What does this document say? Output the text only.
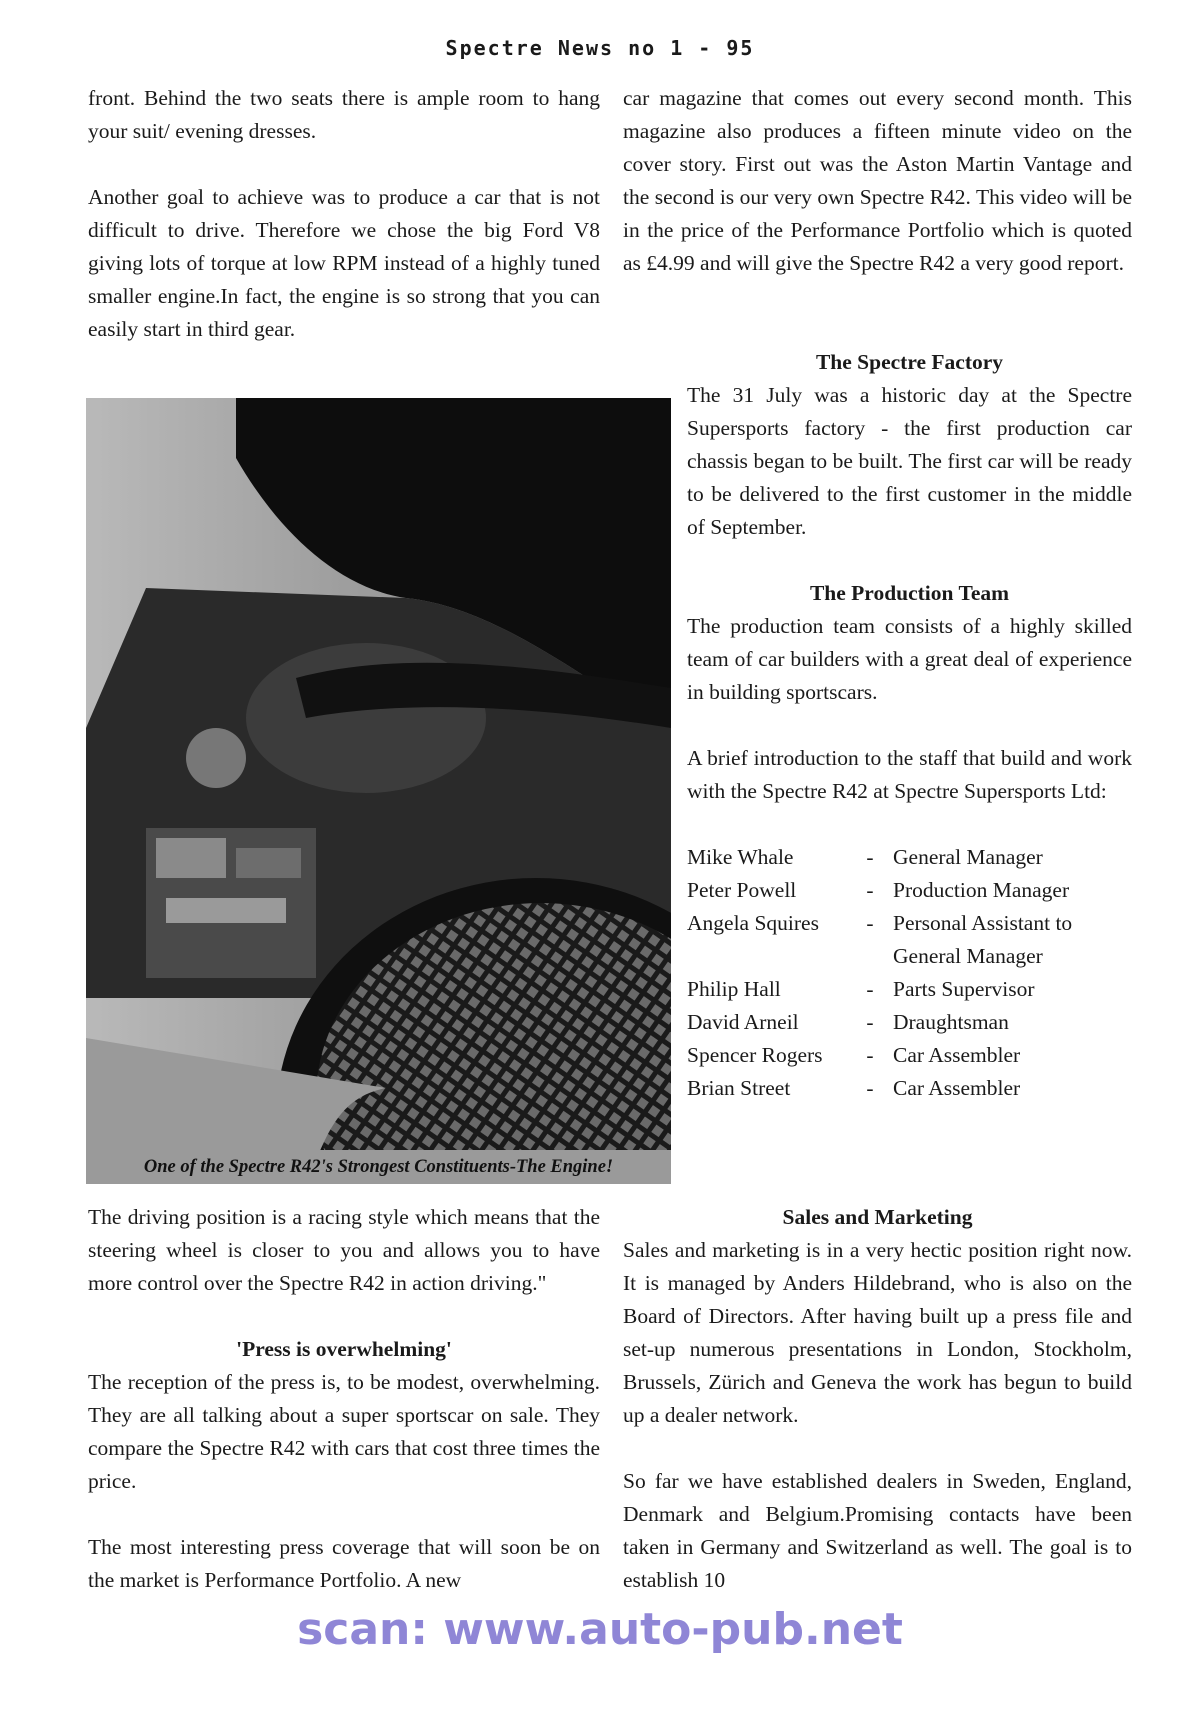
Spectre News no 1 - 95

front. Behind the two seats there is ample room to hang your suit/ evening dresses.

Another goal to achieve was to produce a car that is not difficult to drive. Therefore we chose the big Ford V8 giving lots of torque at low RPM instead of a highly tuned smaller engine.In fact, the engine is so strong that you can easily start in third gear.

One of the Spectre R42's Strongest Constituents-The Engine!

The driving position is a racing style which means that the steering wheel is closer to you and allows you to have more control over the Spectre R42 in action driving."

'Press is overwhelming'

The reception of the press is, to be modest, overwhelming. They are all talking about a super sportscar on sale. They compare the Spectre R42 with cars that cost three times the price.

The most interesting press coverage that will soon be on the market is Performance Portfolio. A new

car magazine that comes out every second month. This magazine also produces a fifteen minute video on the cover story. First out was the Aston Martin Vantage and the second is our very own Spectre R42. This video will be in the price of the Performance Portfolio which is quoted as £4.99 and will give the Spectre R42 a very good report.

The Spectre Factory

The 31 July was a historic day at the Spectre Supersports factory - the first production car chassis began to be built. The first car will be ready to be delivered to the first customer in the middle of September.

The Production Team

The production team consists of a highly skilled team of car builders with a great deal of experience in building sportscars.

A brief introduction to the staff that build and work with the Spectre R42 at Spectre Supersports Ltd:

Mike Whale	-	General Manager
Peter Powell	-	Production Manager
Angela Squires	-	Personal Assistant to General Manager
Philip Hall	-	Parts Supervisor
David Arneil	-	Draughtsman
Spencer Rogers	-	Car Assembler
Brian Street	-	Car Assembler
Sales and Marketing

Sales and marketing is in a very hectic position right now. It is managed by Anders Hildebrand, who is also on the Board of Directors. After having built up a press file and set-up numerous presentations in London, Stockholm, Brussels, Zürich and Geneva the work has begun to build up a dealer network.

So far we have established dealers in Sweden, England, Denmark and Belgium.Promising contacts have been taken in Germany and Switzerland as well. The goal is to establish 10

scan: www.auto-pub.net
